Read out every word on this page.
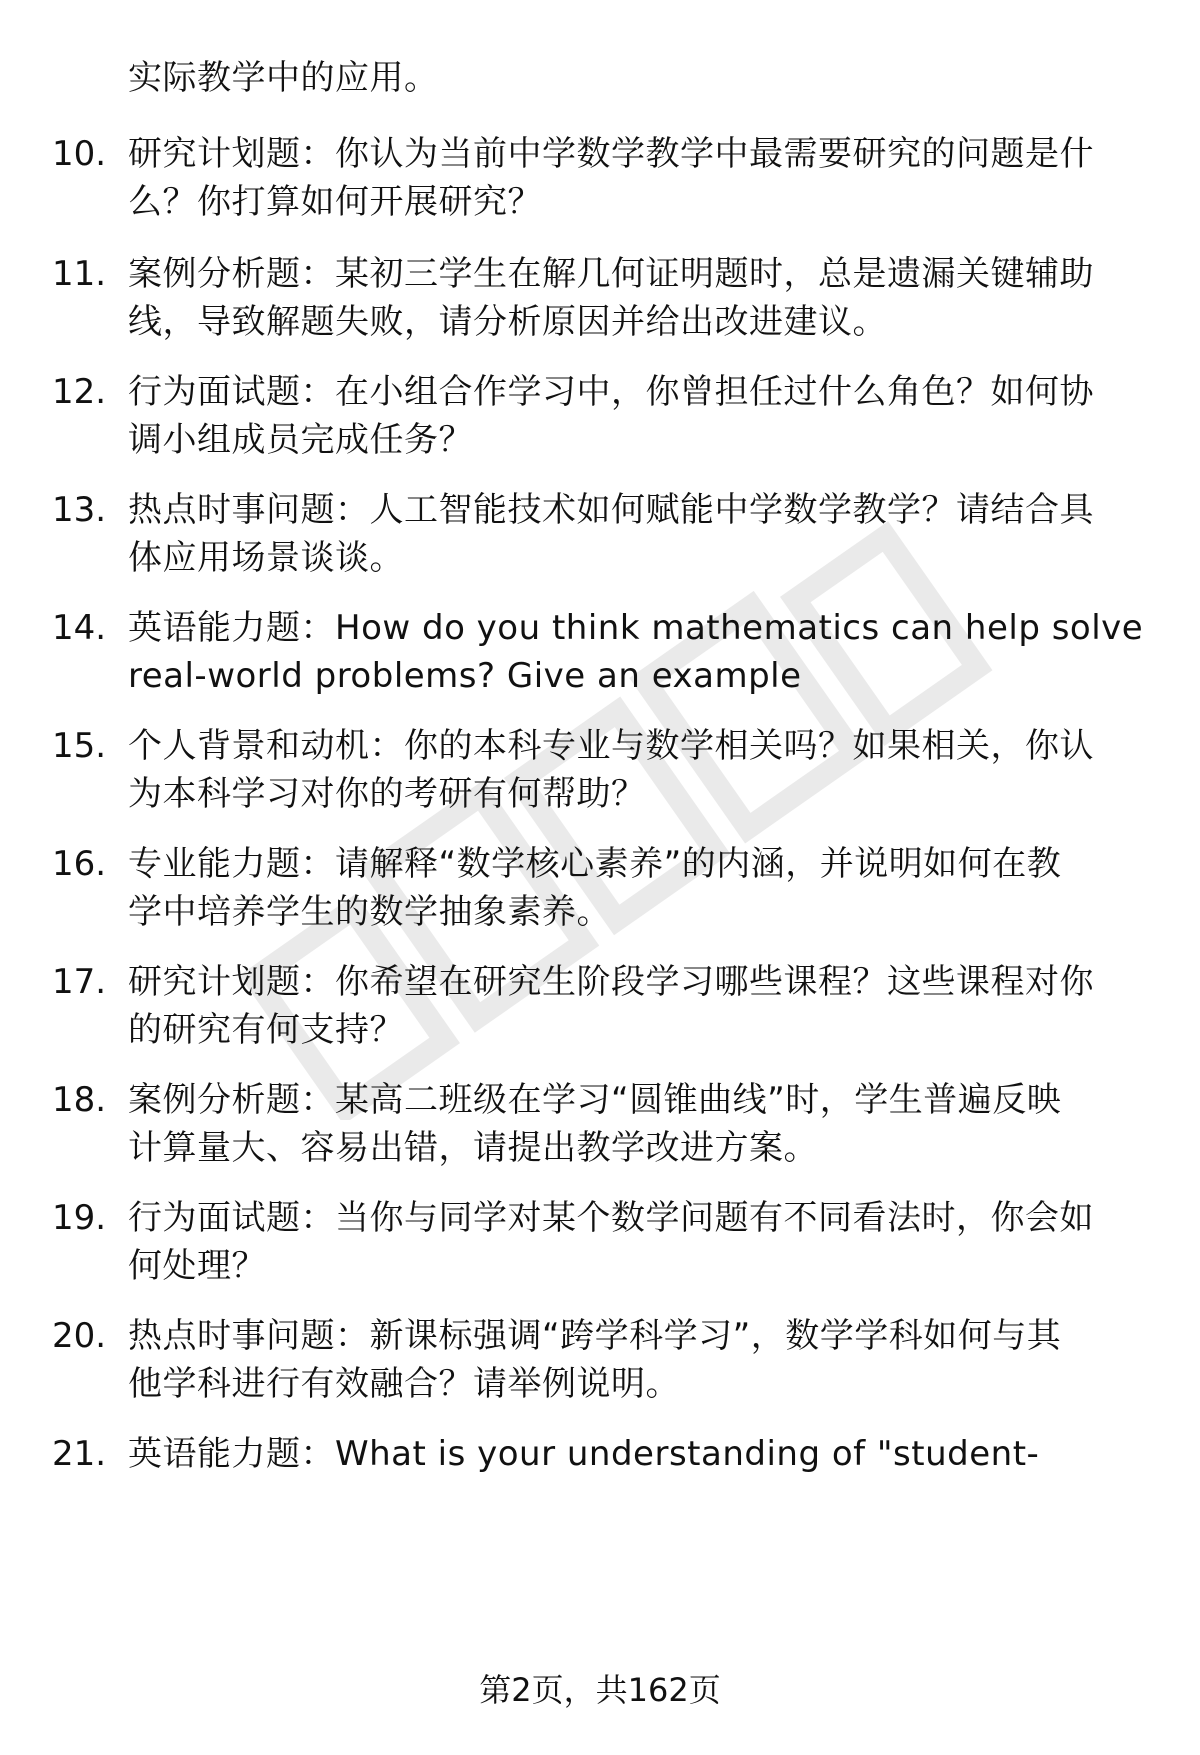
实际教学中的应用。
10. 研究计划题：你认为当前中学数学教学中最需要研究的问题是什
么？你打算如何开展研究？
11. 案例分析题：某初三学生在解几何证明题时，总是遗漏关键辅助
线，导致解题失败，请分析原因并给出改进建议。
12. 行为面试题：在小组合作学习中，你曾担任过什么角色？如何协
调小组成员完成任务？
13. 热点时事问题：人工智能技术如何赋能中学数学教学？请结合具
体应用场景谈谈。
14. 英语能力题：How do you think mathematics can help solve
real-world problems? Give an example
15. 个人背景和动机：你的本科专业与数学相关吗？如果相关，你认
为本科学习对你的考研有何帮助？
16. 专业能力题：请解释“数学核心素养”的内涵，并说明如何在教
学中培养学生的数学抽象素养。
17. 研究计划题：你希望在研究生阶段学习哪些课程？这些课程对你
的研究有何支持？
18. 案例分析题：某高二班级在学习“圆锥曲线”时，学生普遍反映
计算量大、容易出错，请提出教学改进方案。
19. 行为面试题：当你与同学对某个数学问题有不同看法时，你会如
何处理？
20. 热点时事问题：新课标强调“跨学科学习”，数学学科如何与其
他学科进行有效融合？请举例说明。
21. 英语能力题：What is your understanding of "student-
第2页，共162页
